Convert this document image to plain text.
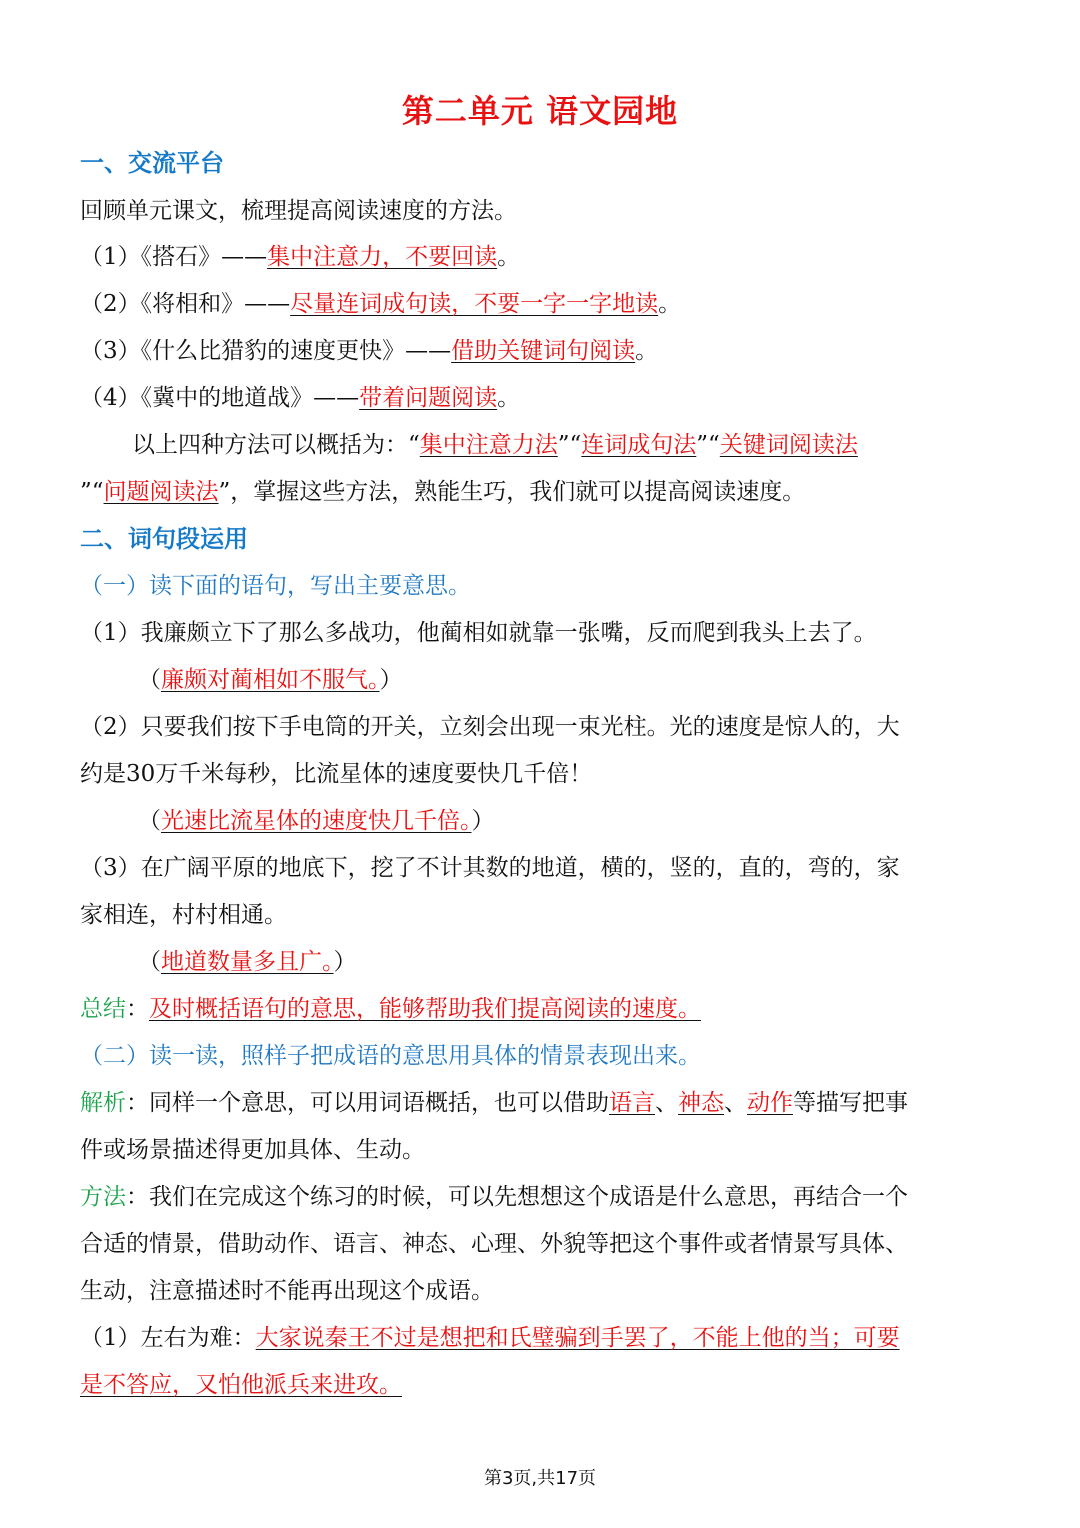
第二单元 语文园地
一、交流平台
回顾单元课文，梳理提高阅读速度的方法。
（1）《搭石》——集中注意力，不要回读。
（2）《将相和》——尽量连词成句读，不要一字一字地读。
（3）《什么比猎豹的速度更快》——借助关键词句阅读。
（4）《冀中的地道战》——带着问题阅读。
以上四种方法可以概括为：“集中注意力法”“连词成句法”“关键词阅读法
”“问题阅读法”，掌握这些方法，熟能生巧，我们就可以提高阅读速度。
二、词句段运用
（一）读下面的语句，写出主要意思。
（1）我廉颇立下了那么多战功，他蔺相如就靠一张嘴，反而爬到我头上去了。
（廉颇对蔺相如不服气。）
（2）只要我们按下手电筒的开关，立刻会出现一束光柱。光的速度是惊人的，大
约是30万千米每秒，比流星体的速度要快几千倍！
（光速比流星体的速度快几千倍。）
（3）在广阔平原的地底下，挖了不计其数的地道，横的，竖的，直的，弯的，家
家相连，村村相通。
（地道数量多且广。）
总结：及时概括语句的意思，能够帮助我们提高阅读的速度。
（二）读一读，照样子把成语的意思用具体的情景表现出来。
解析：同样一个意思，可以用词语概括，也可以借助语言、神态、动作等描写把事
件或场景描述得更加具体、生动。
方法：我们在完成这个练习的时候，可以先想想这个成语是什么意思，再结合一个
合适的情景，借助动作、语言、神态、心理、外貌等把这个事件或者情景写具体、
生动，注意描述时不能再出现这个成语。
（1）左右为难：大家说秦王不过是想把和氏璧骗到手罢了，不能上他的当；可要
是不答应，又怕他派兵来进攻。
第3页,共17页
